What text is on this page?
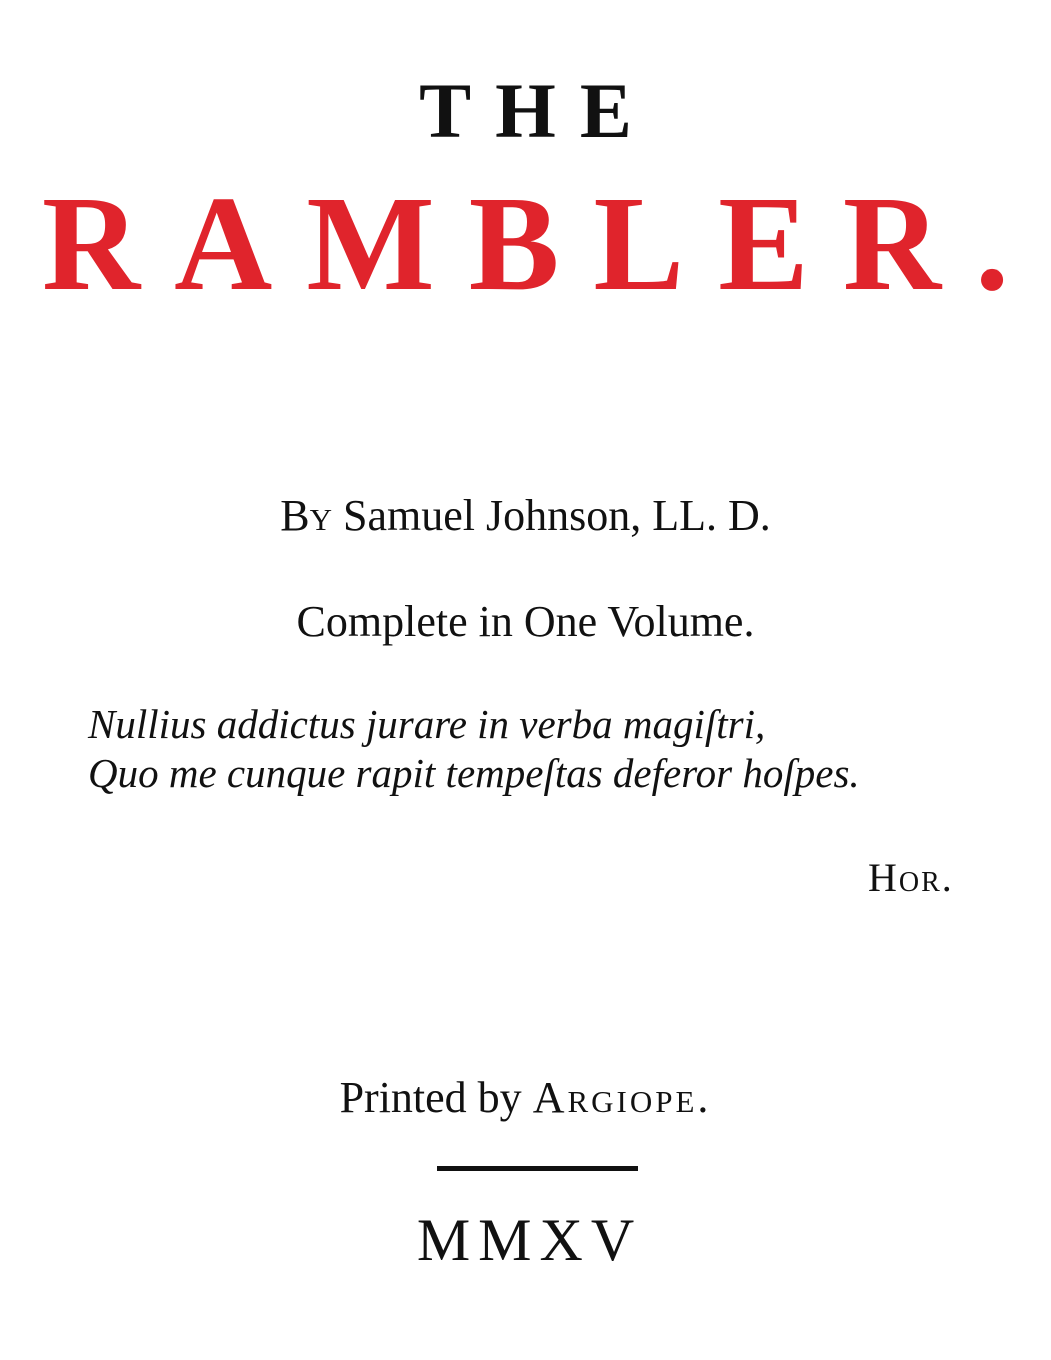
THE
RAMBLER.

By Samuel Johnson, LL. D.

Complete in One Volume.

Nullius addictus jurare in verba magiſtri,
Quo me cunque rapit tempeſtas deferor hoſpes.

Hor.

Printed by Argiope.

MMXV
